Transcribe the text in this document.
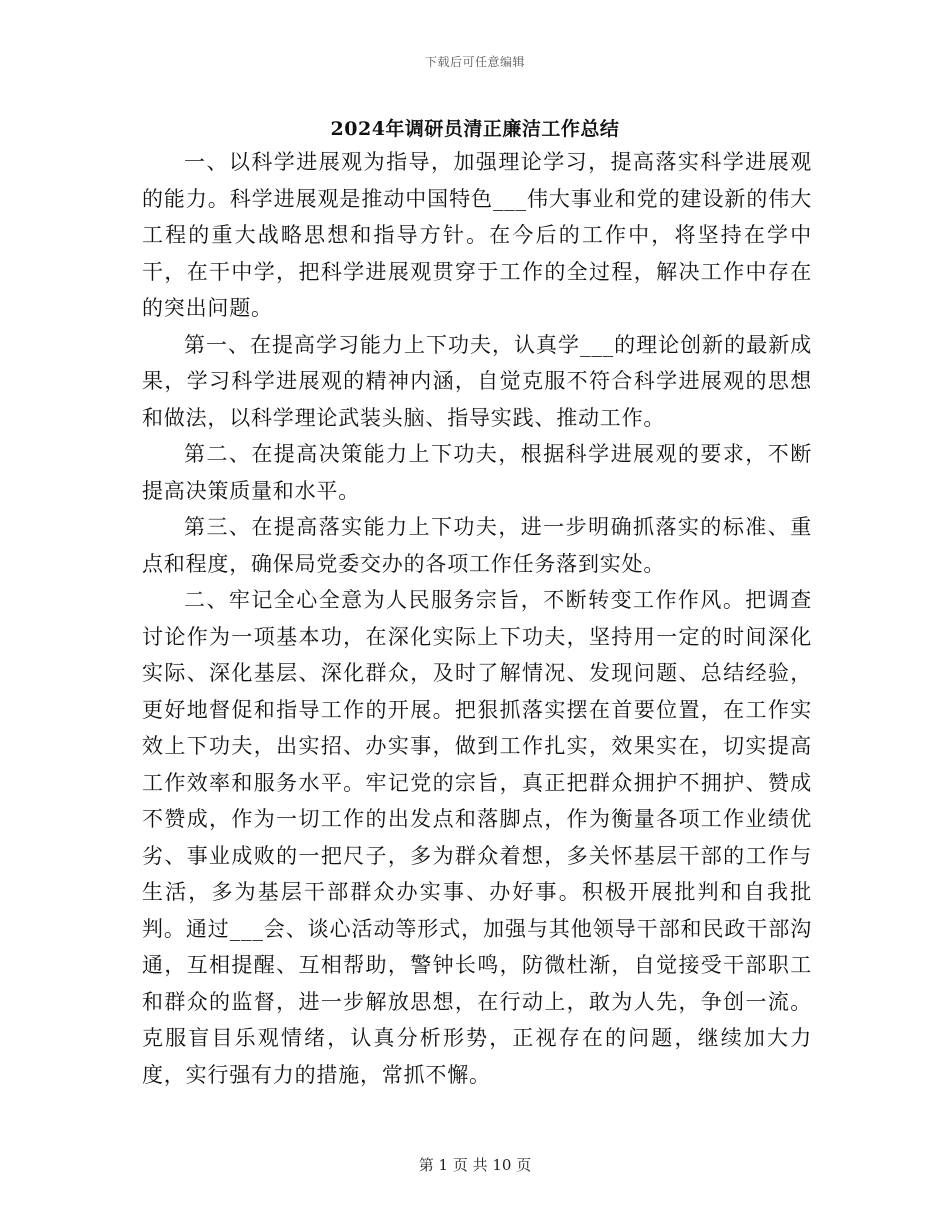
下载后可任意编辑
2024年调研员清正廉洁工作总结

一、以科学进展观为指导，加强理论学习，提高落实科学进展观的能力。科学进展观是推动中国特色___伟大事业和党的建设新的伟大工程的重大战略思想和指导方针。在今后的工作中，将坚持在学中干，在干中学，把科学进展观贯穿于工作的全过程，解决工作中存在的突出问题。

第一、在提高学习能力上下功夫，认真学___的理论创新的最新成果，学习科学进展观的精神内涵，自觉克服不符合科学进展观的思想和做法，以科学理论武装头脑、指导实践、推动工作。

第二、在提高决策能力上下功夫，根据科学进展观的要求，不断提高决策质量和水平。

第三、在提高落实能力上下功夫，进一步明确抓落实的标准、重点和程度，确保局党委交办的各项工作任务落到实处。

二、牢记全心全意为人民服务宗旨，不断转变工作作风。把调查讨论作为一项基本功，在深化实际上下功夫，坚持用一定的时间深化实际、深化基层、深化群众，及时了解情况、发现问题、总结经验，更好地督促和指导工作的开展。把狠抓落实摆在首要位置，在工作实效上下功夫，出实招、办实事，做到工作扎实，效果实在，切实提高工作效率和服务水平。牢记党的宗旨，真正把群众拥护不拥护、赞成不赞成，作为一切工作的出发点和落脚点，作为衡量各项工作业绩优劣、事业成败的一把尺子，多为群众着想，多关怀基层干部的工作与生活，多为基层干部群众办实事、办好事。积极开展批判和自我批判。通过___会、谈心活动等形式，加强与其他领导干部和民政干部沟通，互相提醒、互相帮助，警钟长鸣，防微杜渐，自觉接受干部职工和群众的监督，进一步解放思想，在行动上，敢为人先，争创一流。克服盲目乐观情绪，认真分析形势，正视存在的问题，继续加大力度，实行强有力的措施，常抓不懈。

第 1 页 共 10 页
